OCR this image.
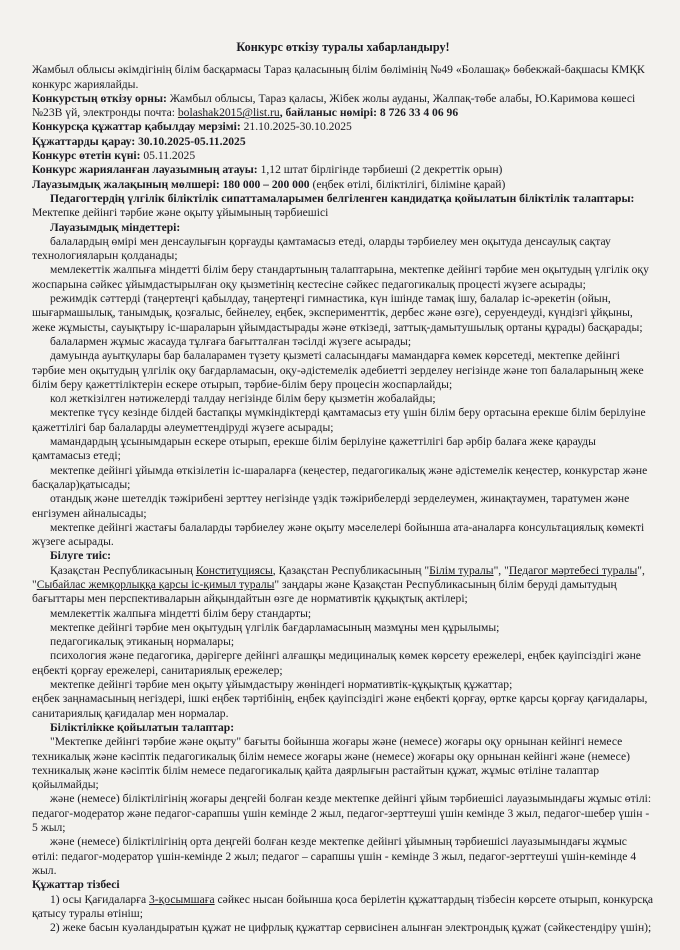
Конкурс өткізу туралы хабарландыру!

Жамбыл облысы әкімдігінің білім басқармасы Тараз қаласының білім бөлімінің №49 «Болашақ» бөбекжай-бақшасы КМҚК конкурс жариялайды.

Конкурстың өткізу орны: Жамбыл облысы, Тараз қаласы, Жібек жолы ауданы, Жалпақ-төбе алабы, Ю.Каримова көшесі №23В үй, электронды почта: bolashak2015@list.ru, байланыс нөмірі: 8 726 33 4 06 96

Конкурсқа құжаттар қабылдау мерзімі: 21.10.2025-30.10.2025

Құжаттарды қарау: 30.10.2025-05.11.2025

Конкурс өтетін күні: 05.11.2025

Конкурс жарияланған лауазымның атауы: 1,12 штат бірлігінде тәрбиеші (2 декреттік орын)

Лауазымдық жалақының мөлшері: 180 000 – 200 000 (еңбек өтілі, біліктілігі, біліміне қарай)

Педагогтердің үлгілік біліктілік сипаттамаларымен белгіленген кандидатқа қойылатын біліктілік талаптары:

Мектепке дейінгі тәрбие және оқыту ұйымының тәрбиешісі

Лауазымдық міндеттері:

балалардың өмірі мен денсаулығын қорғауды қамтамасыз етеді, оларды тәрбиелеу мен оқытуда денсаулық сақтау технологияларын қолданады;

мемлекеттік жалпыға міндетті білім беру стандартының талаптарына, мектепке дейінгі тәрбие мен оқытудың үлгілік оқу жоспарына сәйкес ұйымдастырылған оқу қызметінің кестесіне сәйкес педагогикалық процесті жүзеге асырады;

режимдік сәттерді (таңертеңгі қабылдау, таңертеңгі гимнастика, күн ішінде тамақ ішу, балалар іс-әрекетін (ойын, шығармашылық, танымдық, қозғалыс, бейнелеу, еңбек, эксперименттік, дербес және өзге), серуендеуді, күндізгі ұйқыны, жеке жұмысты, сауықтыру іс-шараларын ұйымдастырады және өткізеді, заттық-дамытушылық ортаны құрады) басқарады;

балалармен жұмыс жасауда тұлғаға бағытталған тәсілді жүзеге асырады;

дамуында ауытқулары бар балаларамен түзету қызметі саласындағы мамандарға көмек көрсетеді, мектепке дейінгі тәрбие мен оқытудың үлгілік оқу бағдарламасын, оқу-әдістемелік әдебиетті зерделеу негізінде және топ балаларының жеке білім беру қажеттіліктерін ескере отырып, тәрбие-білім беру процесін жоспарлайды;

кол жеткізілген нәтижелерді талдау негізінде білім беру қызметін жобалайды;

мектепке түсу кезінде білдей бастапқы мүмкіндіктерді қамтамасыз ету үшін білім беру ортасына ерекше білім берілуіне қажеттілігі бар балаларды әлеуметтендіруді жүзеге асырады;

мамандардың ұсынымдарын ескере отырып, ерекше білім берілуіне қажеттілігі бар әрбір балаға жеке қарауды қамтамасыз етеді;

мектепке дейінгі ұйымда өткізілетін іс-шараларға (кеңестер, педагогикалық және әдістемелік кеңестер, конкурстар және басқалар)қатысады;

отандық және шетелдік тәжірибені зерттеу негізінде үздік тәжірибелерді зерделеумен, жинақтаумен, таратумен және енгізумен айналысады;

мектепке дейінгі жастағы балаларды тәрбиелеу және оқыту мәселелері бойынша ата-аналарға консультациялық көмекті жүзеге асырады.

Білуге тиіс:

Қазақстан Республикасының Конституциясы, Қазақстан Республикасының "Білім туралы", "Педагог мәртебесі туралы", "Сыбайлас жемқорлыққа қарсы іс-қимыл туралы" заңдары және Қазақстан Республикасының білім беруді дамытудың бағыттары мен перспективаларын айқындайтын өзге де нормативтік құқықтық актілері;

мемлекеттік жалпыға міндетті білім беру стандарты;

мектепке дейінгі тәрбие мен оқытудың үлгілік бағдарламасының мазмұны мен құрылымы;

педагогикалық этиканың нормалары;

психология және педагогика, дәрігерге дейінгі алғашқы медициналық көмек көрсету ережелері, еңбек қауіпсіздігі және еңбекті қорғау ережелері, санитариялық ережелер;

мектепке дейінгі тәрбие мен оқыту ұйымдастыру жөніндегі нормативтік-құқықтық құжаттар;

еңбек заңнамасының негіздері, ішкі еңбек тәртібінің, еңбек қауіпсіздігі және еңбекті қорғау, өртке қарсы қорғау қағидалары, санитариялық қағидалар мен нормалар.

Біліктілікке қойылатын талаптар:

"Мектепке дейінгі тәрбие және оқыту" бағыты бойынша жоғары және (немесе) жоғары оқу орнынан кейінгі немесе техникалық және кәсіптік педагогикалық білім немесе жоғары және (немесе) жоғары оқу орнынан кейінгі және (немесе) техникалық және кәсіптік білім немесе педагогикалық қайта даярлығын растайтын құжат, жұмыс өтіліне талаптар қойылмайды;

және (немесе) біліктілігінің жоғары деңгейі болған кезде мектепке дейінгі ұйым тәрбиешісі лауазымындағы жұмыс өтілі: педагог-модератор және педагог-сарапшы үшін кемінде 2 жыл, педагог-зерттеуші үшін кемінде 3 жыл, педагог-шебер үшін - 5 жыл;

және (немесе) біліктілігінің орта деңгейі болған кезде мектепке дейінгі ұйымның тәрбиешісі лауазымындағы жұмыс өтілі: педагог-модератор үшін-кемінде 2 жыл; педагог – сарапшы үшін - кемінде 3 жыл, педагог-зерттеуші үшін-кемінде 4 жыл.

Құжаттар тізбесі

1) осы Қағидаларға 3-қосымшаға сәйкес нысан бойынша қоса берілетін құжаттардың тізбесін көрсете отырып, конкурсқа қатысу туралы өтініш;

2) жеке басын куәландыратын құжат не цифрлық құжаттар сервисінен алынған электрондық құжат (сәйкестендіру үшін);
